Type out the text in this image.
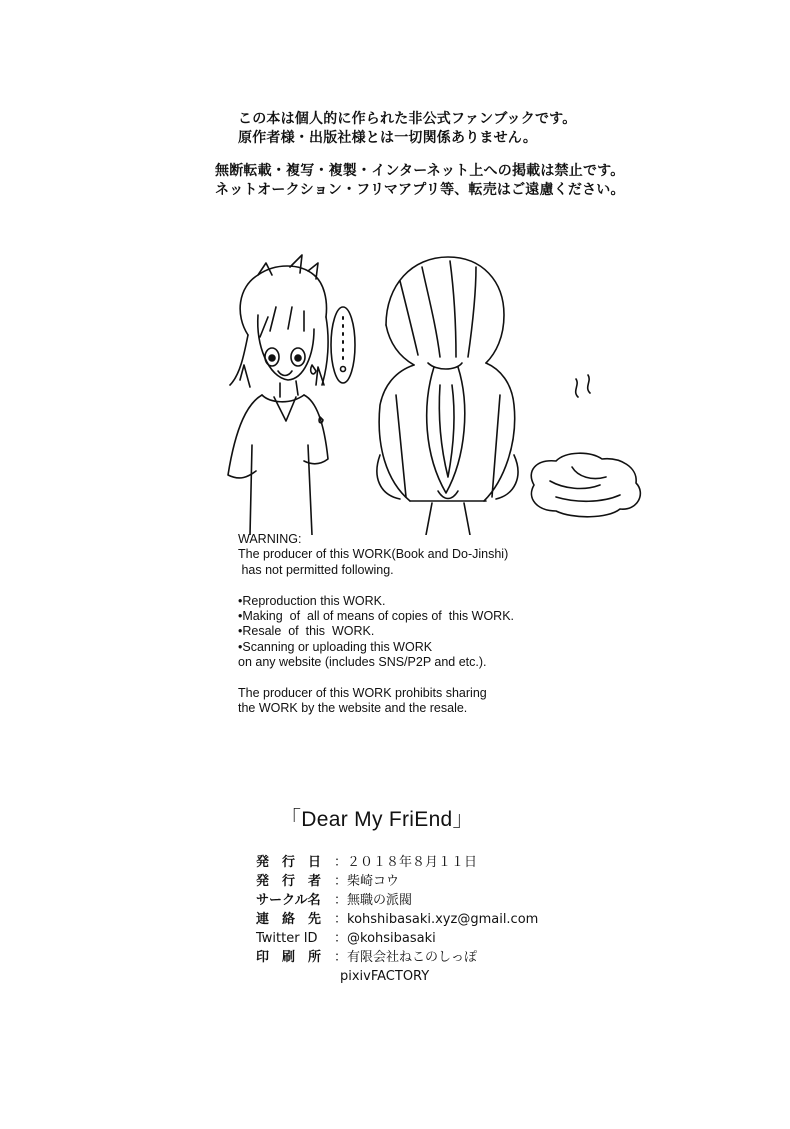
この本は個人的に作られた非公式ファンブックです。
原作者様・出版社様とは一切関係ありません。
無断転載・複写・複製・インターネット上への掲載は禁止です。
ネットオークション・フリマアプリ等、転売はご遠慮ください。
WARNING:
The producer of this WORK(Book and Do-Jinshi)
has not permitted following.
•Reproduction this WORK.
•Making  of  all of means of copies of  this WORK.
•Resale  of  this  WORK.
•Scanning or uploading this WORK
on any website (includes SNS/P2P and etc.).
The producer of this WORK prohibits sharing
the WORK by the website and the resale.
「Dear My FriEnd」
発　行　日 ：２０１８年８月１１日
発　行　者 ：柴崎コウ
サークル名	：無職の派閥
連　絡　先 ：kohshibasaki.xyz@gmail.com
Twitter ID	：@kohsibasaki
印　刷　所 ：有限会社ねこのしっぽ
pixivFACTORY
